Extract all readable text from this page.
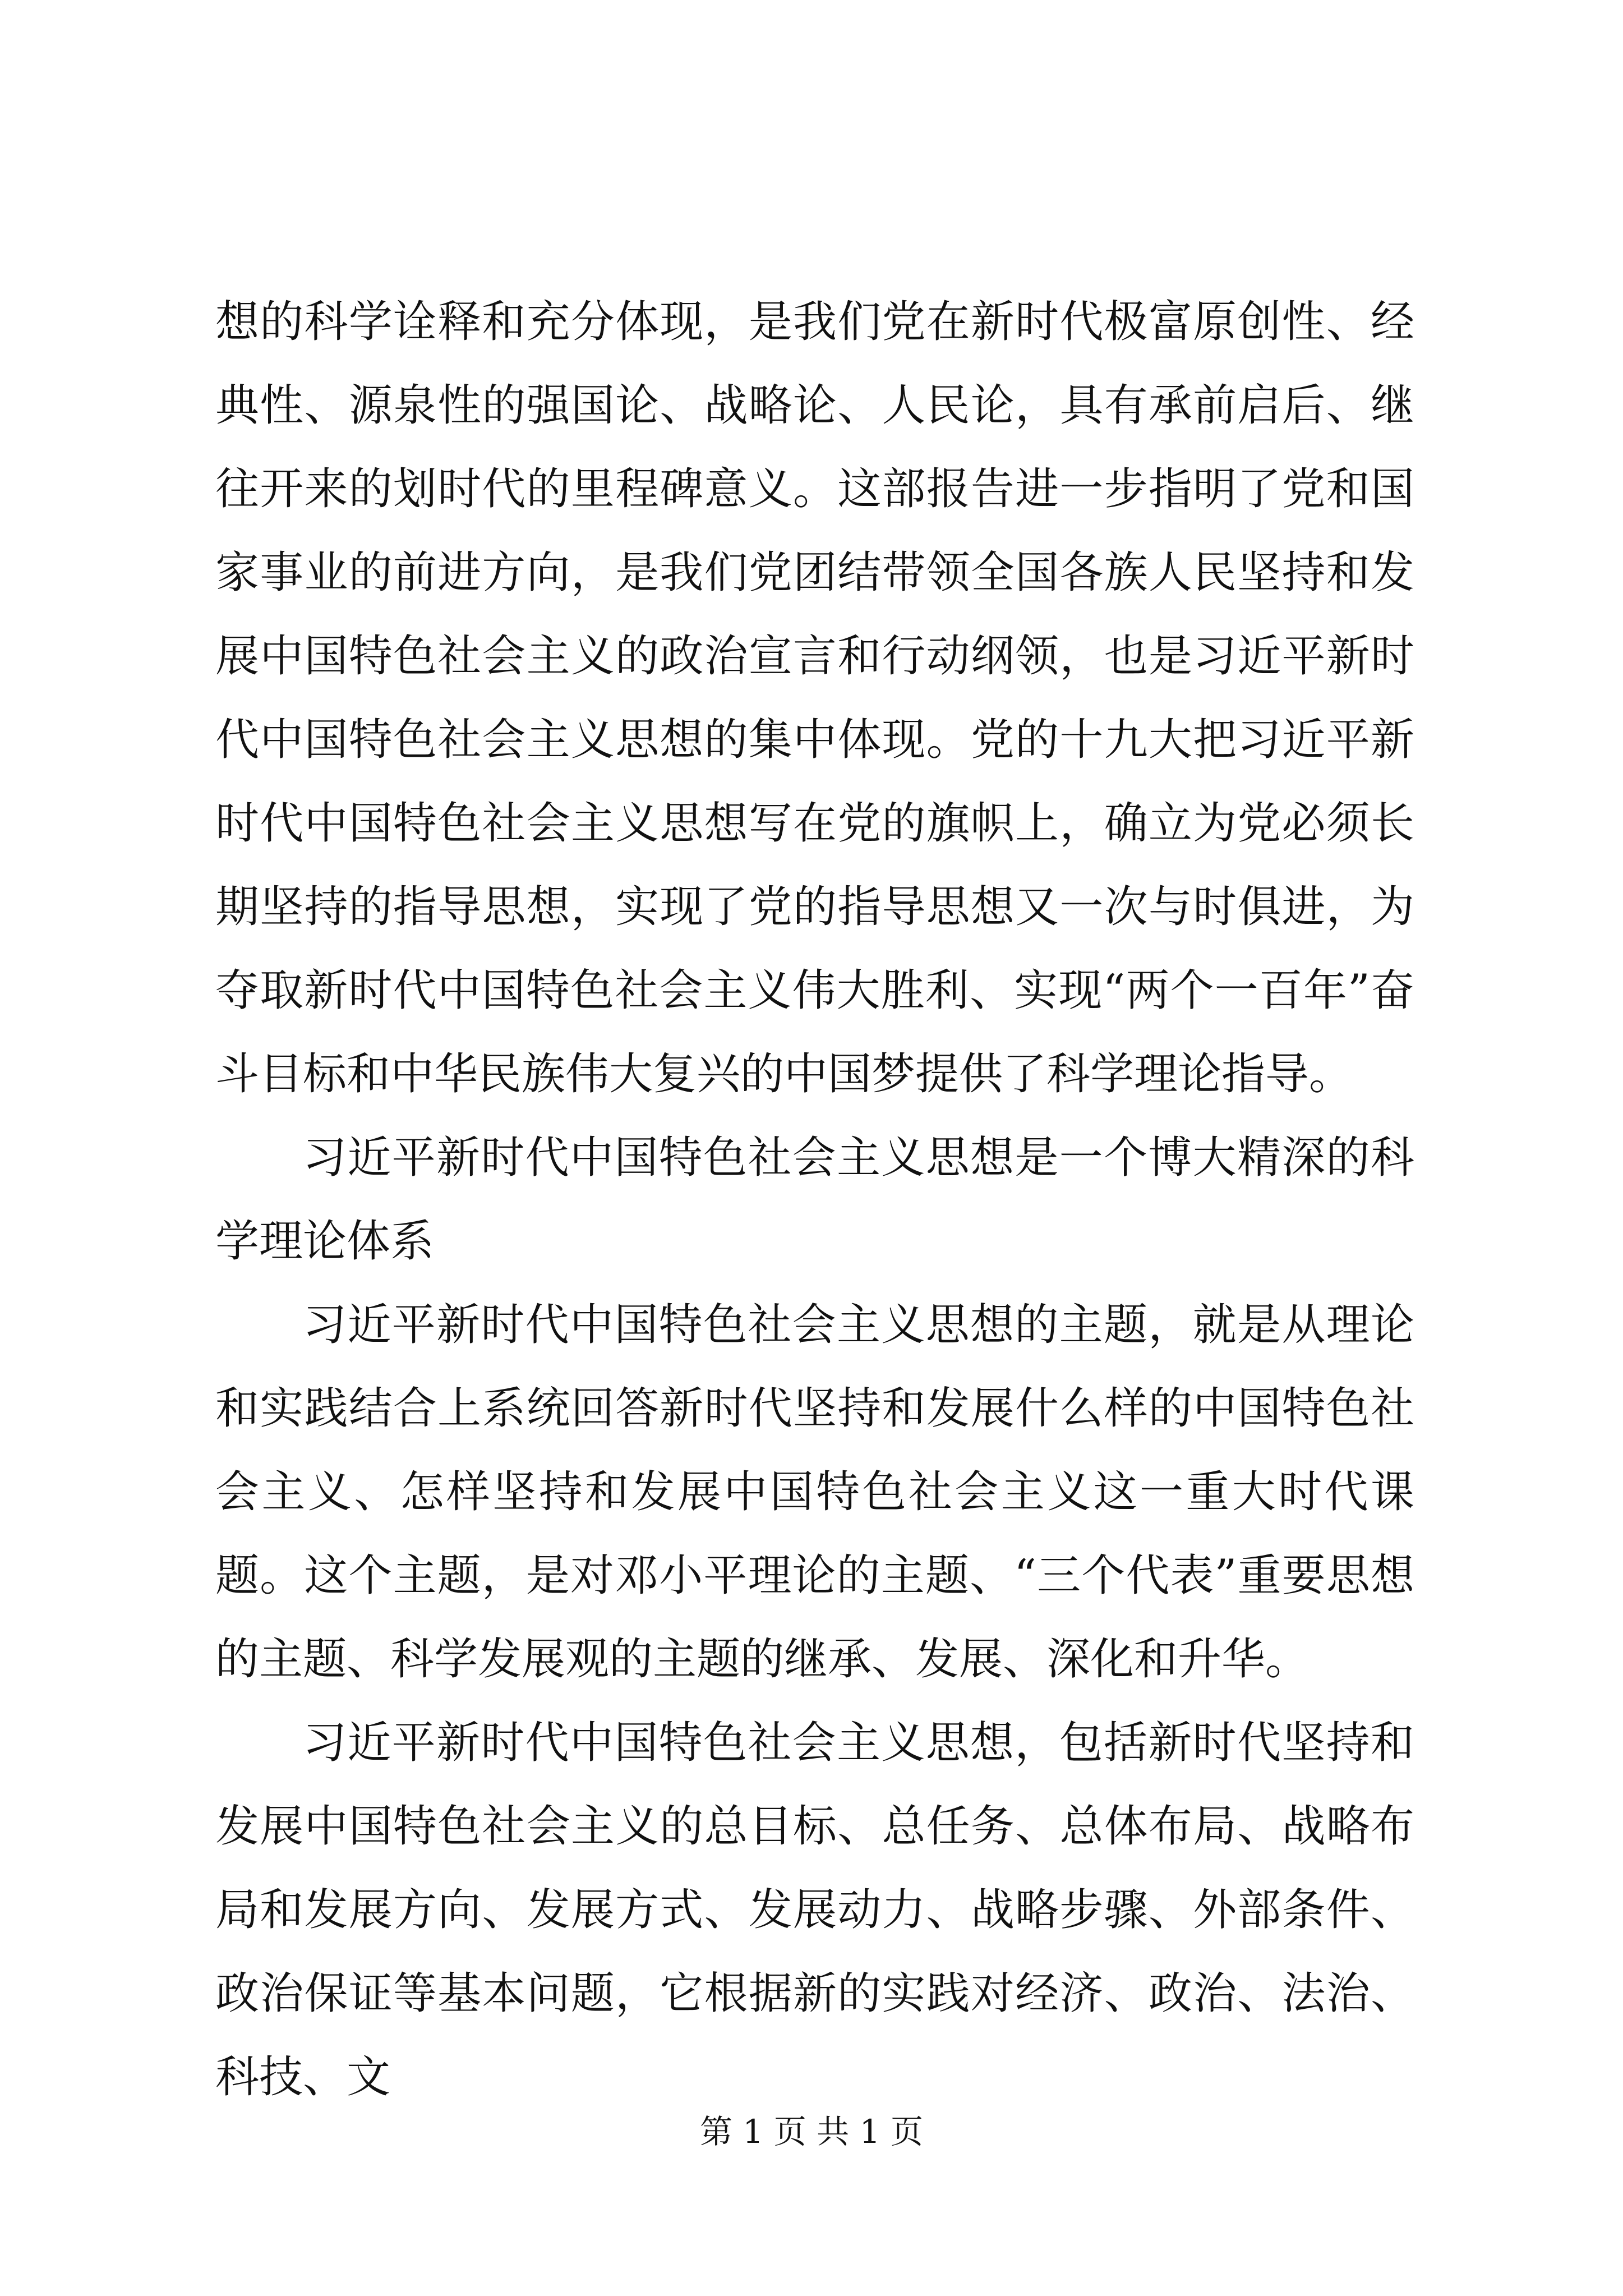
想的科学诠释和充分体现，是我们党在新时代极富原创性、经典性、源泉性的强国论、战略论、人民论，具有承前启后、继往开来的划时代的里程碑意义。这部报告进一步指明了党和国家事业的前进方向，是我们党团结带领全国各族人民坚持和发展中国特色社会主义的政治宣言和行动纲领，也是习近平新时代中国特色社会主义思想的集中体现。党的十九大把习近平新时代中国特色社会主义思想写在党的旗帜上，确立为党必须长期坚持的指导思想，实现了党的指导思想又一次与时俱进，为夺取新时代中国特色社会主义伟大胜利、实现“两个一百年”奋斗目标和中华民族伟大复兴的中国梦提供了科学理论指导。

习近平新时代中国特色社会主义思想是一个博大精深的科学理论体系

习近平新时代中国特色社会主义思想的主题，就是从理论和实践结合上系统回答新时代坚持和发展什么样的中国特色社会主义、怎样坚持和发展中国特色社会主义这一重大时代课题。这个主题，是对邓小平理论的主题、“三个代表”重要思想的主题、科学发展观的主题的继承、发展、深化和升华。

习近平新时代中国特色社会主义思想，包括新时代坚持和发展中国特色社会主义的总目标、总任务、总体布局、战略布局和发展方向、发展方式、发展动力、战略步骤、外部条件、政治保证等基本问题，它根据新的实践对经济、政治、法治、科技、文

第 1 页 共 1 页
